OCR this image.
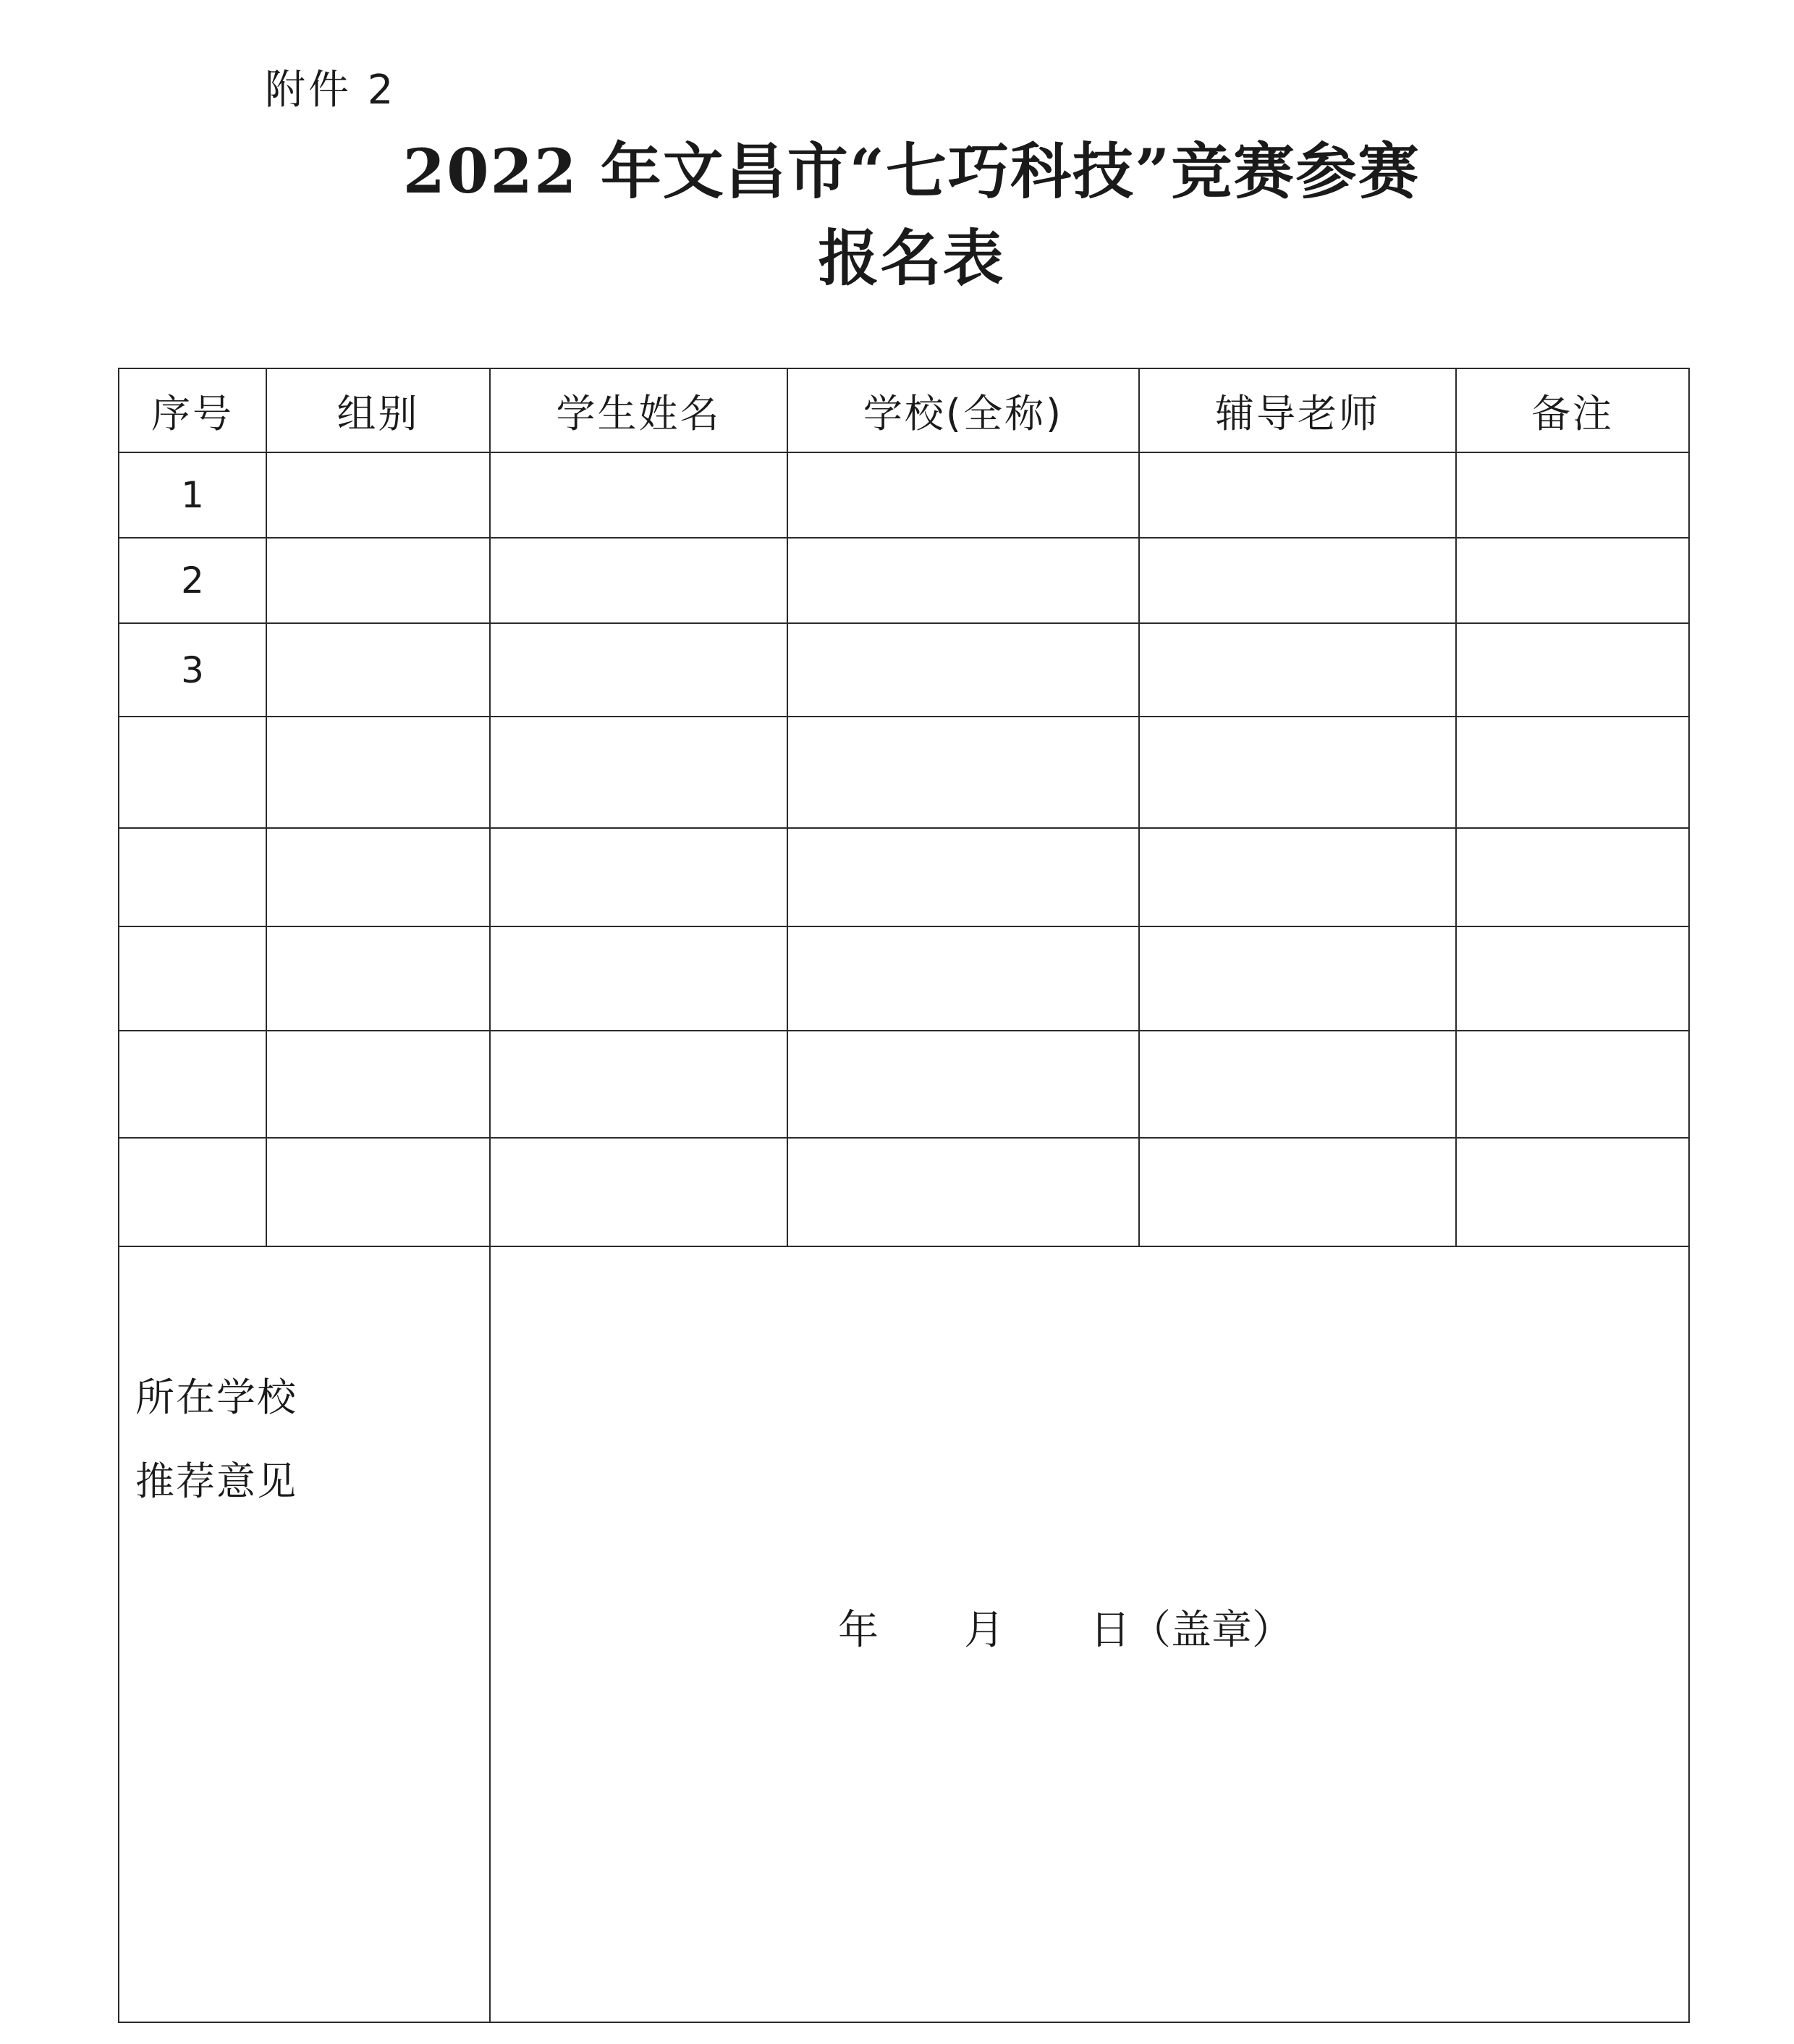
附件 2
2022 年文昌市“七巧科技”竞赛参赛
报名表
序号	组别	学生姓名	学校(全称)	辅导老师	备注
1					
2					
3					

所在学校
推荐意见		年 月 日（盖章）			
